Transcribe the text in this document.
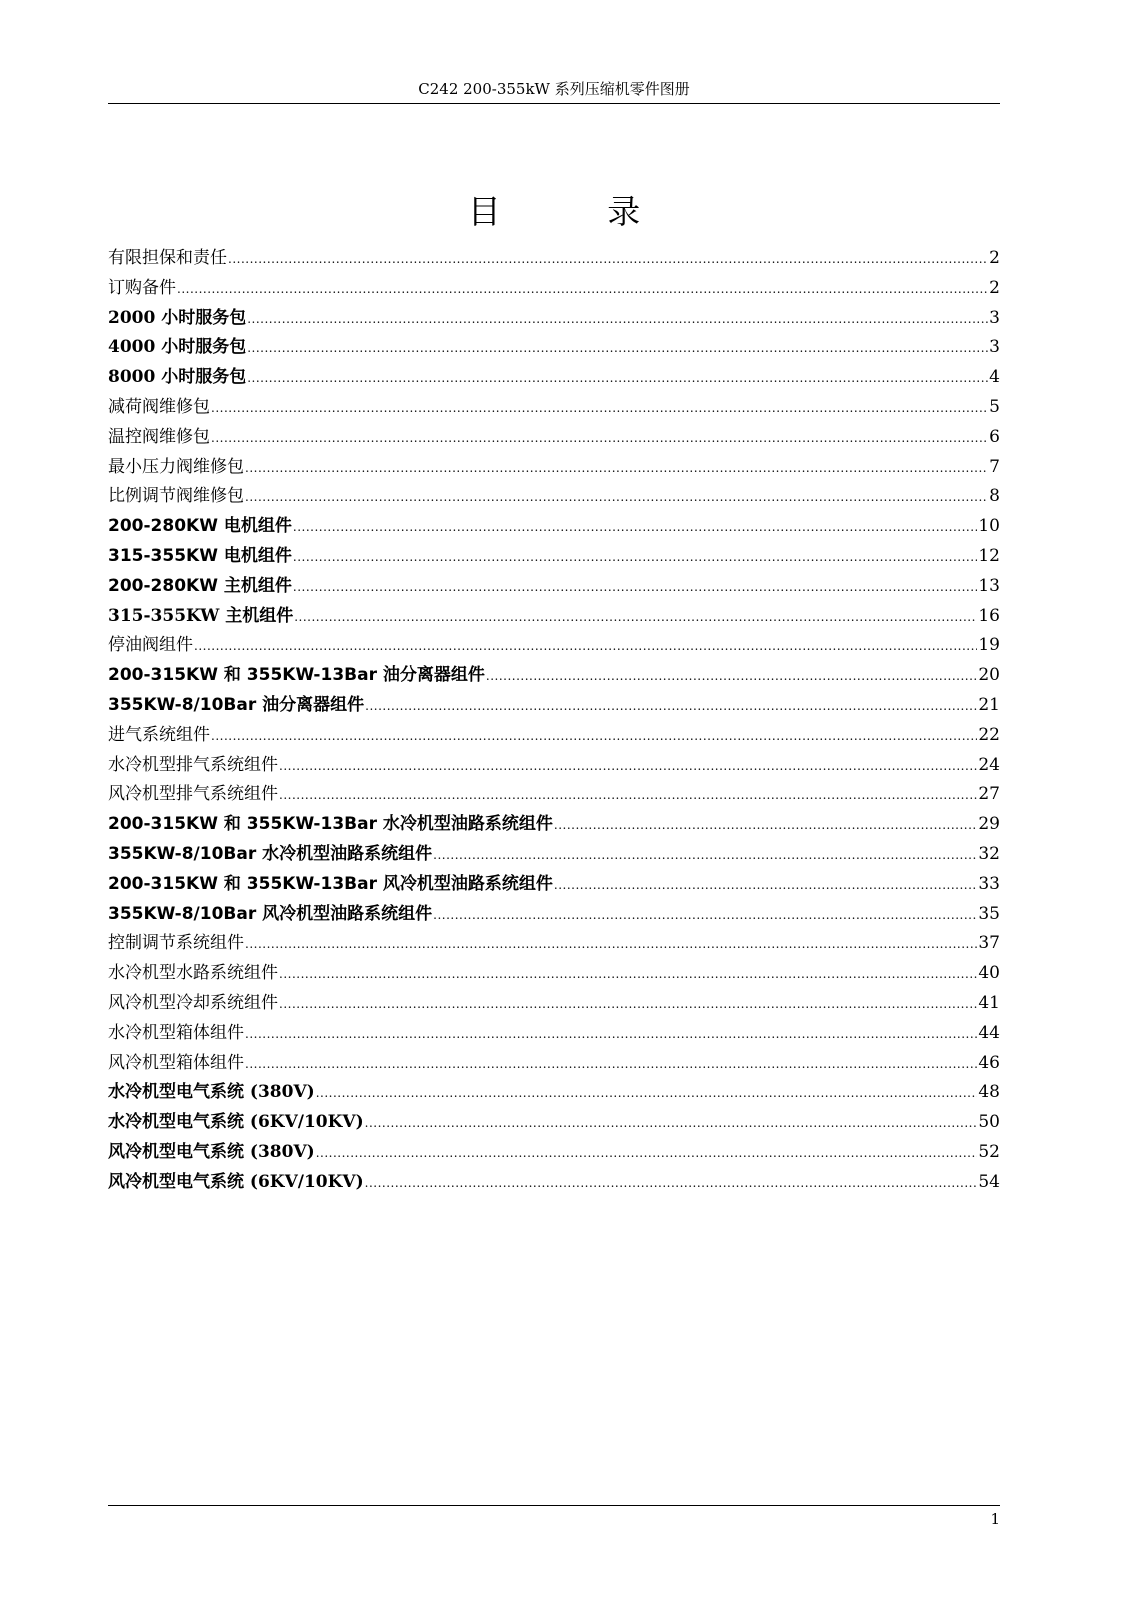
C242 200-355kW 系列压缩机零件图册
目 录
有限担保和责任 .....	2
订购备件 .....	2
2000 小时服务包 .....	3
4000 小时服务包 .....	3
8000 小时服务包 .....	4
减荷阀维修包 .....	5
温控阀维修包 .....	6
最小压力阀维修包 .....	7
比例调节阀维修包 .....	8
200-280KW 电机组件 .....	10
315-355KW 电机组件 .....	12
200-280KW 主机组件 .....	13
315-355KW 主机组件 .....	16
停油阀组件 .....	19
200-315KW 和 355KW-13Bar 油分离器组件 .....	20
355KW-8/10Bar 油分离器组件 .....	21
进气系统组件 .....	22
水冷机型排气系统组件 .....	24
风冷机型排气系统组件 .....	27
200-315KW 和 355KW-13Bar 水冷机型油路系统组件 .....	29
355KW-8/10Bar 水冷机型油路系统组件 .....	32
200-315KW 和 355KW-13Bar 风冷机型油路系统组件 .....	33
355KW-8/10Bar 风冷机型油路系统组件 .....	35
控制调节系统组件 .....	37
水冷机型水路系统组件 .....	40
风冷机型冷却系统组件 .....	41
水冷机型箱体组件 .....	44
风冷机型箱体组件 .....	46
水冷机型电气系统 (380V) .....	48
水冷机型电气系统 (6KV/10KV) .....	50
风冷机型电气系统 (380V) .....	52
风冷机型电气系统 (6KV/10KV) .....	54
1
